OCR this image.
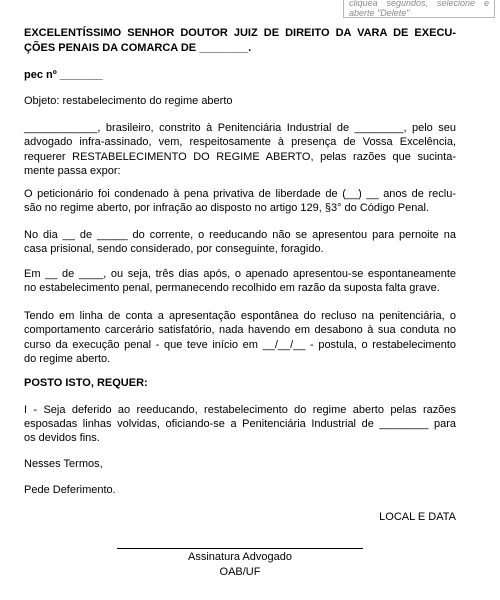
cliquea segundos, selecione e
aberte "Delete"
EXCELENTÍSSIMO SENHOR DOUTOR JUIZ DE DIREITO DA VARA DE EXECU-
ÇÕES PENAIS DA COMARCA DE ________.
pec nº _______
Objeto: restabelecimento do regime aberto
____________, brasileiro, constrito à Penitenciária Industrial de ________, pelo seu
advogado infra-assinado, vem, respeitosamente à presença de Vossa Excelência,
requerer RESTABELECIMENTO DO REGIME ABERTO, pelas razões que sucinta-
mente passa expor:
O peticionário foi condenado à pena privativa de liberdade de (__) __ anos de reclu-
são no regime aberto, por infração ao disposto no artigo 129, §3° do Código Penal.
No dia __ de _____ do corrente, o reeducando não se apresentou para pernoite na
casa prisional, sendo considerado, por conseguinte, foragido.
Em __ de ____, ou seja, três dias após, o apenado apresentou-se espontaneamente
no estabelecimento penal, permanecendo recolhido em razão da suposta falta grave.
Tendo em linha de conta a apresentação espontânea do recluso na penitenciária, o
comportamento carcerário satisfatório, nada havendo em desabono à sua conduta no
curso da execução penal - que teve início em __/__/__ - postula, o restabelecimento
do regime aberto.
POSTO ISTO, REQUER:
I - Seja deferido ao reeducando, restabelecimento do regime aberto pelas razões
esposadas linhas volvidas, oficiando-se a Penitenciária Industrial de ________ para
os devidos fins.
Nesses Termos,
Pede Deferimento.
LOCAL E DATA
Assinatura Advogado
OAB/UF
